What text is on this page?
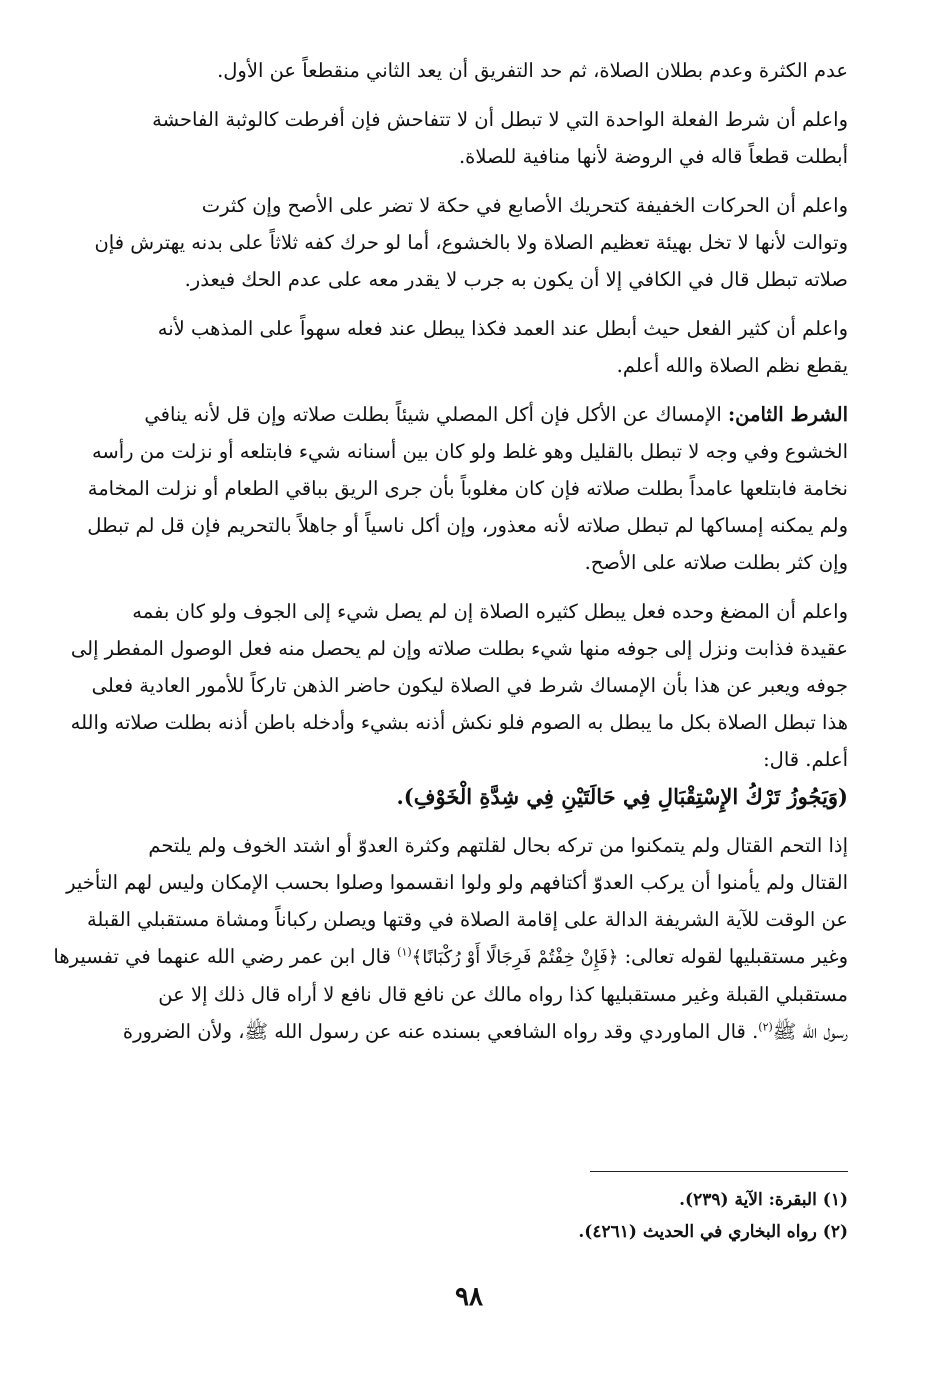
عدم الكثرة وعدم بطلان الصلاة، ثم حد التفريق أن يعد الثاني منقطعاً عن الأول.

واعلم أن شرط الفعلة الواحدة التي لا تبطل أن لا تتفاحش فإن أفرطت كالوثبة الفاحشة

أبطلت قطعاً قاله في الروضة لأنها منافية للصلاة.

واعلم أن الحركات الخفيفة كتحريك الأصابع في حكة لا تضر على الأصح وإن كثرت

وتوالت لأنها لا تخل بهيئة تعظيم الصلاة ولا بالخشوع، أما لو حرك كفه ثلاثاً على بدنه يهترش فإن

صلاته تبطل قال في الكافي إلا أن يكون به جرب لا يقدر معه على عدم الحك فيعذر.

واعلم أن كثير الفعل حيث أبطل عند العمد فكذا يبطل عند فعله سهواً على المذهب لأنه

يقطع نظم الصلاة والله أعلم.

الشرط الثامن: الإمساك عن الأكل فإن أكل المصلي شيئاً بطلت صلاته وإن قل لأنه ينافي

الخشوع وفي وجه لا تبطل بالقليل وهو غلط ولو كان بين أسنانه شيء فابتلعه أو نزلت من رأسه

نخامة فابتلعها عامداً بطلت صلاته فإن كان مغلوباً بأن جرى الريق بباقي الطعام أو نزلت المخامة

ولم يمكنه إمساكها لم تبطل صلاته لأنه معذور، وإن أكل ناسياً أو جاهلاً بالتحريم فإن قل لم تبطل

وإن كثر بطلت صلاته على الأصح.

واعلم أن المضغ وحده فعل يبطل كثيره الصلاة إن لم يصل شيء إلى الجوف ولو كان بفمه

عقيدة فذابت ونزل إلى جوفه منها شيء بطلت صلاته وإن لم يحصل منه فعل الوصول المفطر إلى

جوفه ويعبر عن هذا بأن الإمساك شرط في الصلاة ليكون حاضر الذهن تاركاً للأمور العادية فعلى

هذا تبطل الصلاة بكل ما يبطل به الصوم فلو نكش أذنه بشيء وأدخله باطن أذنه بطلت صلاته والله

أعلم. قال:

(وَيَجُوزُ تَرْكُ الإِسْتِقْبَالِ فِي حَالَتَيْنِ فِي شِدَّةِ الْخَوْفِ).

إذا التحم القتال ولم يتمكنوا من تركه بحال لقلتهم وكثرة العدوّ أو اشتد الخوف ولم يلتحم

القتال ولم يأمنوا أن يركب العدوّ أكتافهم ولو ولوا انقسموا وصلوا بحسب الإمكان وليس لهم التأخير

عن الوقت للآية الشريفة الدالة على إقامة الصلاة في وقتها ويصلن ركباناً ومشاة مستقبلي القبلة

وغير مستقبليها لقوله تعالى: ﴿فَإِنْ خِفْتُمْ فَرِجَالًا أَوْ رُكْبَانًا﴾$^{(١)}$ قال ابن عمر رضي الله عنهما في تفسيرها

مستقبلي القبلة وغير مستقبليها كذا رواه مالك عن نافع قال نافع لا أراه قال ذلك إلا عن

رسول الله ﷺ$^{(٢)}$. قال الماوردي وقد رواه الشافعي بسنده عنه عن رسول الله ﷺ، ولأن الضرورة

(١) البقرة: الآية (٢٣٩).

(٢) رواه البخاري في الحديث (٤٢٦١).

٩٨
